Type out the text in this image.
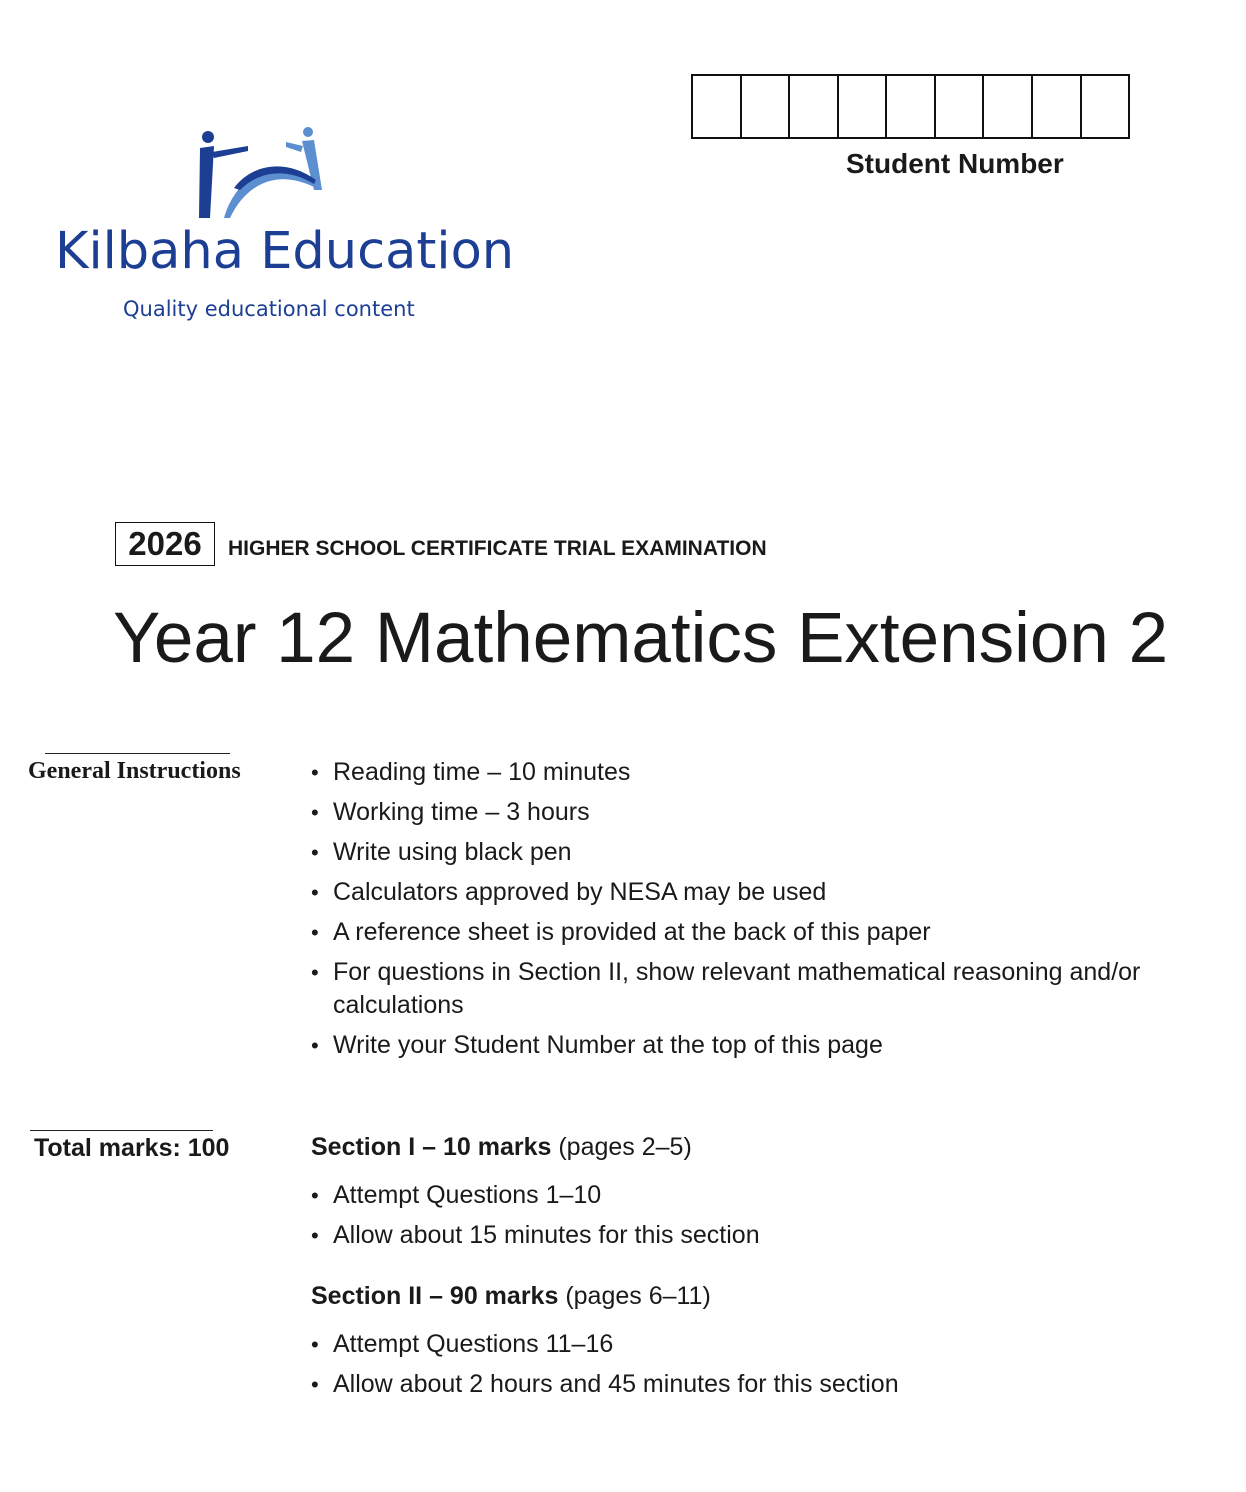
Student Number
Kilbaha Education
Quality educational content
2026	HIGHER SCHOOL CERTIFICATE TRIAL EXAMINATION
Year 12 Mathematics Extension 2
General Instructions
•	Reading time – 10 minutes
• Working time – 3 hours
• Write using black pen
• Calculators approved by NESA may be used
• A reference sheet is provided at the back of this paper
• For questions in Section II, show relevant mathematical reasoning and/or calculations
• Write your Student Number at the top of this page
Total marks: 100	Section I – 10 marks (pages 2–5)
• Attempt Questions 1–10
• Allow about 15 minutes for this section
Section II – 90 marks (pages 6–11)
• Attempt Questions 11–16
• Allow about 2 hours and 45 minutes for this section
